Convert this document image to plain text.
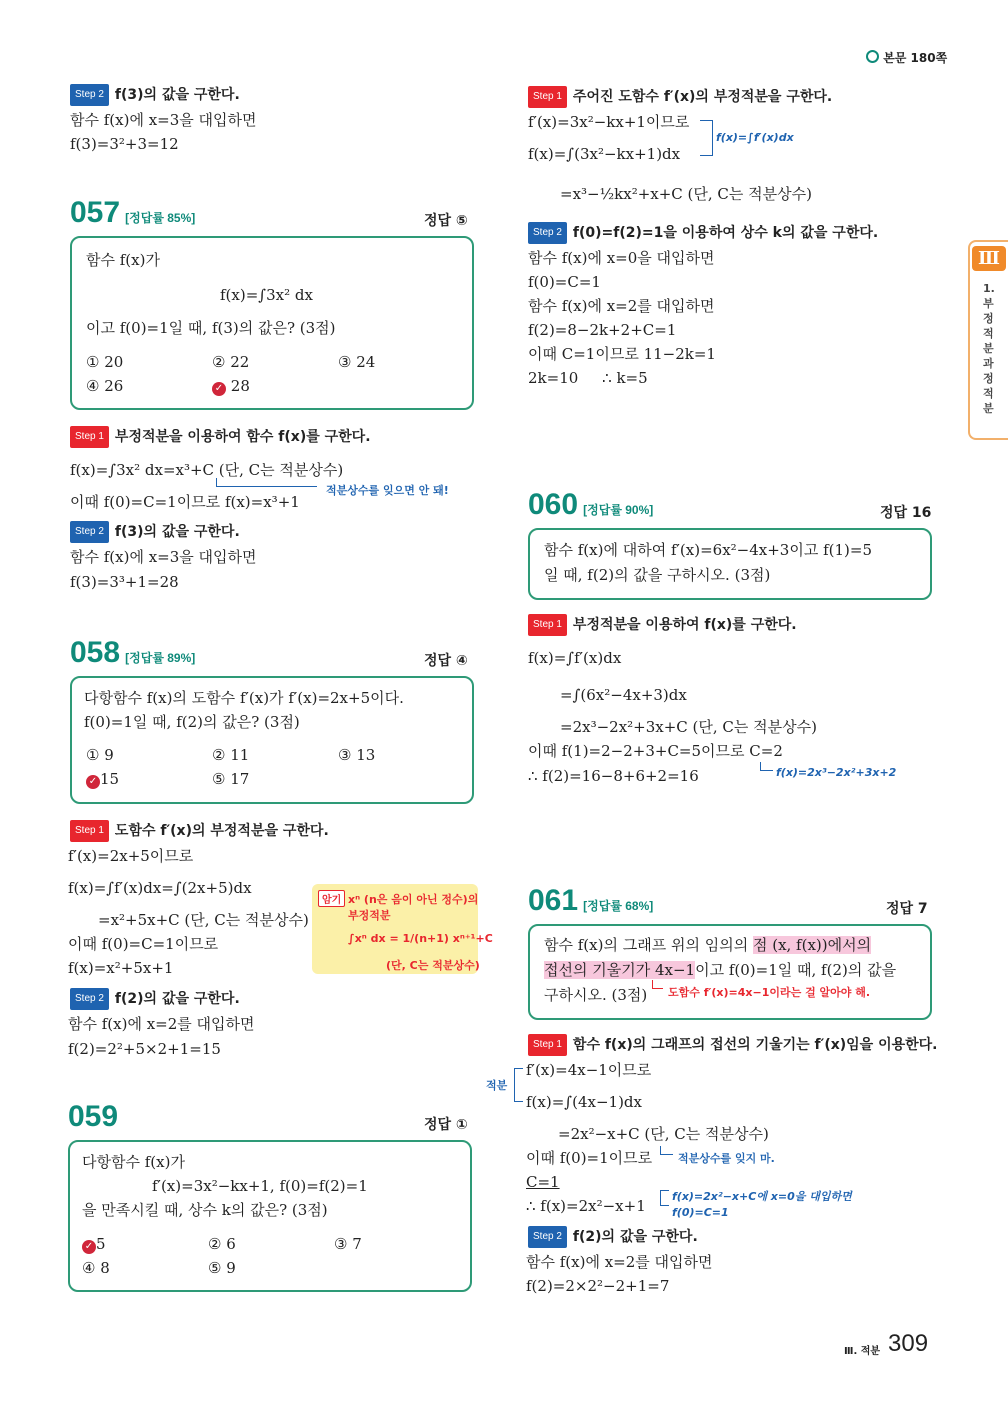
본문 180쪽
Ⅲ
1. 부정적분과 정적분
Step 2 f(3)의 값을 구한다.
함수 f(x)에 x=3을 대입하면
f(3)=3²+3=12
057 [정답률 85%]	정답 ⑤
함수 f(x)가
f(x)=∫3x² dx
이고 f(0)=1일 때, f(3)의 값은? (3점)
① 20	② 22	③ 24
④ 26	✓ 28
Step 1 부정적분을 이용하여 함수 f(x)를 구한다.
f(x)=∫3x² dx=x³+C (단, C는 적분상수)
적분상수를 잊으면 안 돼!
이때 f(0)=C=1이므로 f(x)=x³+1
Step 2 f(3)의 값을 구한다.
함수 f(x)에 x=3을 대입하면
f(3)=3³+1=28
058 [정답률 89%]	정답 ④
다항함수 f(x)의 도함수 f′(x)가 f′(x)=2x+5이다.
f(0)=1일 때, f(2)의 값은? (3점)
① 9	② 11	③ 13
✓ 15	⑤ 17
Step 1 도함수 f′(x)의 부정적분을 구한다.
f′(x)=2x+5이므로
f(x)=∫f′(x)dx=∫(2x+5)dx
=x²+5x+C (단, C는 적분상수)
이때 f(0)=C=1이므로
f(x)=x²+5x+1
암기 xⁿ (n은 음이 아닌 정수)의
부정적분
∫xⁿ dx = 1/(n+1) xⁿ⁺¹+C
(단, C는 적분상수)
Step 2 f(2)의 값을 구한다.
함수 f(x)에 x=2를 대입하면
f(2)=2²+5×2+1=15
059	정답 ①
다항함수 f(x)가
f′(x)=3x²−kx+1, f(0)=f(2)=1
을 만족시킬 때, 상수 k의 값은? (3점)
✓ 5	② 6	③ 7
④ 8	⑤ 9
Step 1 주어진 도함수 f′(x)의 부정적분을 구한다.
f′(x)=3x²−kx+1이므로
f(x)=∫f′(x)dx
f(x)=∫(3x²−kx+1)dx
=x³−½kx²+x+C (단, C는 적분상수)
Step 2 f(0)=f(2)=1을 이용하여 상수 k의 값을 구한다.
함수 f(x)에 x=0을 대입하면
f(0)=C=1
함수 f(x)에 x=2를 대입하면
f(2)=8−2k+2+C=1
이때 C=1이므로 11−2k=1
2k=10     ∴ k=5
060 [정답률 90%]	정답 16
함수 f(x)에 대하여 f′(x)=6x²−4x+3이고 f(1)=5
일 때, f(2)의 값을 구하시오. (3점)
Step 1 부정적분을 이용하여 f(x)를 구한다.
f(x)=∫f′(x)dx
=∫(6x²−4x+3)dx
=2x³−2x²+3x+C (단, C는 적분상수)
이때 f(1)=2−2+3+C=5이므로 C=2
∴ f(2)=16−8+6+2=16	f(x)=2x³−2x²+3x+2
061 [정답률 68%]	정답 7
함수 f(x)의 그래프 위의 임의의 점 (x, f(x))에서의
접선의 기울기가 4x−1이고 f(0)=1일 때, f(2)의 값을
구하시오. (3점) 도함수 f′(x)=4x−1이라는 걸 알아야 해.
Step 1 함수 f(x)의 그래프의 접선의 기울기는 f′(x)임을 이용한다.
적분
f′(x)=4x−1이므로
f(x)=∫(4x−1)dx
=2x²−x+C (단, C는 적분상수)
이때 f(0)=1이므로 적분상수를 잊지 마.
C=1
∴ f(x)=2x²−x+1
f(x)=2x²−x+C에 x=0을 대입하면
f(0)=C=1
Step 2 f(2)의 값을 구한다.
함수 f(x)에 x=2를 대입하면
f(2)=2×2²−2+1=7
Ⅲ. 적분 309
